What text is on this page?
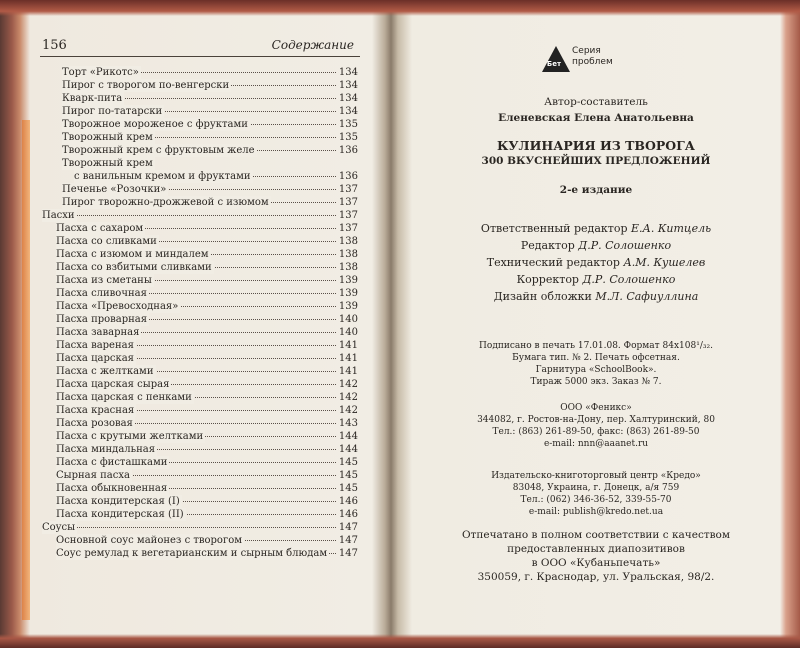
156	Содержание
Торт «Рикотс»	134
Пирог с творогом по-венгерски	134
Кварк-пита	134
Пирог по-татарски	134
Творожное мороженое с фруктами	135
Творожный крем	135
Творожный крем с фруктовым желе	136
Творожный крем
с ванильным кремом и фруктами	136
Печенье «Розочки»	137
Пирог творожно-дрожжевой с изюмом	137
Пасхи	137
Пасха с сахаром	137
Пасха со сливками	138
Пасха с изюмом и миндалем	138
Пасха со взбитыми сливками	138
Пасха из сметаны	139
Пасха сливочная	139
Пасха «Превосходная»	139
Пасха проварная	140
Пасха заварная	140
Пасха вареная	141
Пасха царская	141
Пасха с желтками	141
Пасха царская сырая	142
Пасха царская с пенками	142
Пасха красная	142
Пасха розовая	143
Пасха с крутыми желтками	144
Пасха миндальная	144
Пасха с фисташками	145
Сырная пасха	145
Пасха обыкновенная	145
Пасха кондитерская (I)	146
Пасха кондитерская (II)	146
Соусы	147
Основной соус майонез с творогом	147
Соус ремулад к вегетарианским и сырным блюдам 147
Бет
Серия
проблем
Автор-составитель
Еленевская Елена Анатольевна
КУЛИНАРИЯ ИЗ ТВОРОГА
300 ВКУСНЕЙШИХ ПРЕДЛОЖЕНИЙ
2-е издание
Ответственный редактор Е.А. Китцель
Редактор Д.Р. Солошенко
Технический редактор А.М. Кушелев
Корректор Д.Р. Солошенко
Дизайн обложки М.Л. Сафиуллина
Подписано в печать 17.01.08. Формат 84х108¹/₃₂.
Бумага тип. № 2. Печать офсетная.
Гарнитура «SchoolBook».
Тираж 5000 экз. Заказ № 7.
ООО «Феникс»
344082, г. Ростов-на-Дону, пер. Халтуринский, 80
Тел.: (863) 261-89-50, факс: (863) 261-89-50
e-mail: nnn@aaanet.ru
Издательско-книготорговый центр «Кредо»
83048, Украина, г. Донецк, а/я 759
Тел.: (062) 346-36-52, 339-55-70
e-mail: publish@kredo.net.ua
Отпечатано в полном соответствии с качеством
предоставленных диапозитивов
в ООО «Кубаньпечать»
350059, г. Краснодар, ул. Уральская, 98/2.
